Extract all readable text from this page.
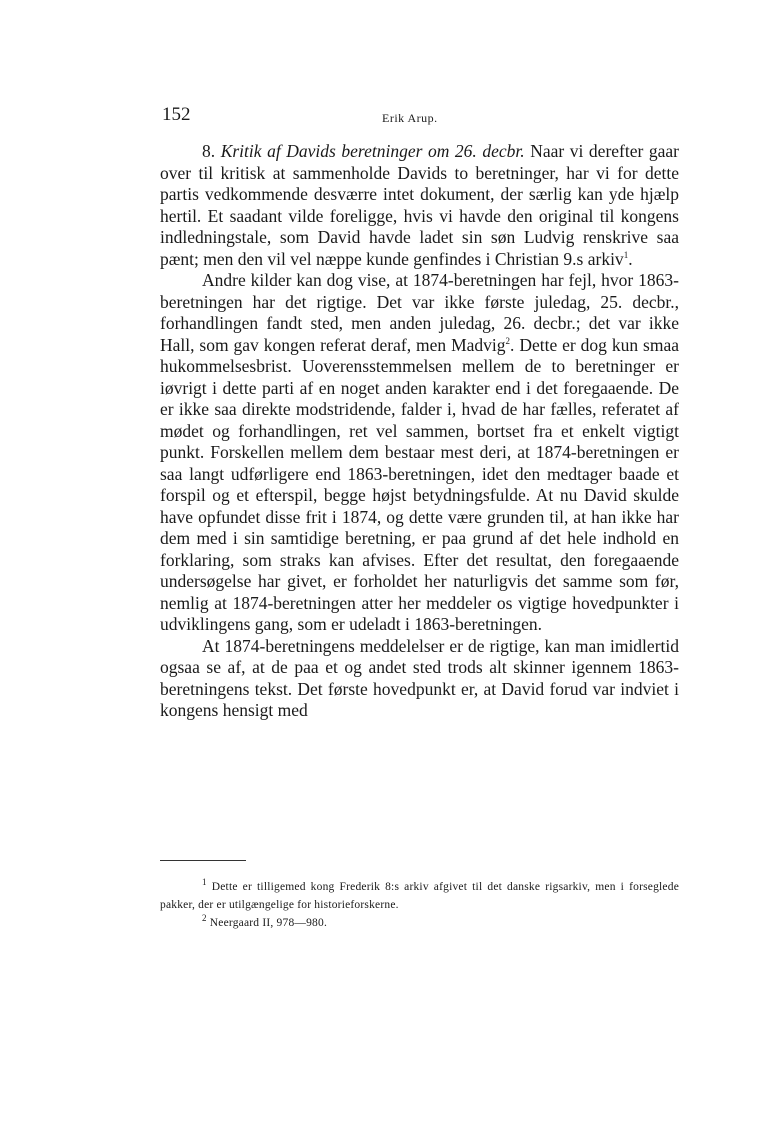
152	Erik Arup.

8. Kritik af Davids beretninger om 26. decbr. Naar vi derefter gaar over til kritisk at sammenholde Davids to beretninger, har vi for dette partis vedkommende desværre intet dokument, der særlig kan yde hjælp hertil. Et saadant vilde foreligge, hvis vi havde den original til kongens indledningstale, som David havde ladet sin søn Ludvig renskrive saa pænt; men den vil vel næppe kunde genfindes i Christian 9.s arkiv$^1$.

Andre kilder kan dog vise, at 1874-beretningen har fejl, hvor 1863-beretningen har det rigtige. Det var ikke første juledag, 25. decbr., forhandlingen fandt sted, men anden juledag, 26. decbr.; det var ikke Hall, som gav kongen referat deraf, men Madvig$^2$. Dette er dog kun smaa hukommelsesbrist. Uoverensstemmelsen mellem de to beretninger er iøvrigt i dette parti af en noget anden karakter end i det foregaaende. De er ikke saa direkte modstridende, falder i, hvad de har fælles, referatet af mødet og forhandlingen, ret vel sammen, bortset fra et enkelt vigtigt punkt. Forskellen mellem dem bestaar mest deri, at 1874-beretningen er saa langt udførligere end 1863-beretningen, idet den medtager baade et forspil og et efterspil, begge højst betydningsfulde. At nu David skulde have opfundet disse frit i 1874, og dette være grunden til, at han ikke har dem med i sin samtidige beretning, er paa grund af det hele indhold en forklaring, som straks kan afvises. Efter det resultat, den foregaaende undersøgelse har givet, er forholdet her naturligvis det samme som før, nemlig at 1874-beretningen atter her meddeler os vigtige hovedpunkter i udviklingens gang, som er udeladt i 1863-beretningen.

At 1874-beretningens meddelelser er de rigtige, kan man imidlertid ogsaa se af, at de paa et og andet sted trods alt skinner igennem 1863-beretningens tekst. Det første hovedpunkt er, at David forud var indviet i kongens hensigt med

$^1$ Dette er tilligemed kong Frederik 8:s arkiv afgivet til det danske rigsarkiv, men i forseglede pakker, der er utilgængelige for historieforskerne.

$^2$ Neergaard II, 978—980.
